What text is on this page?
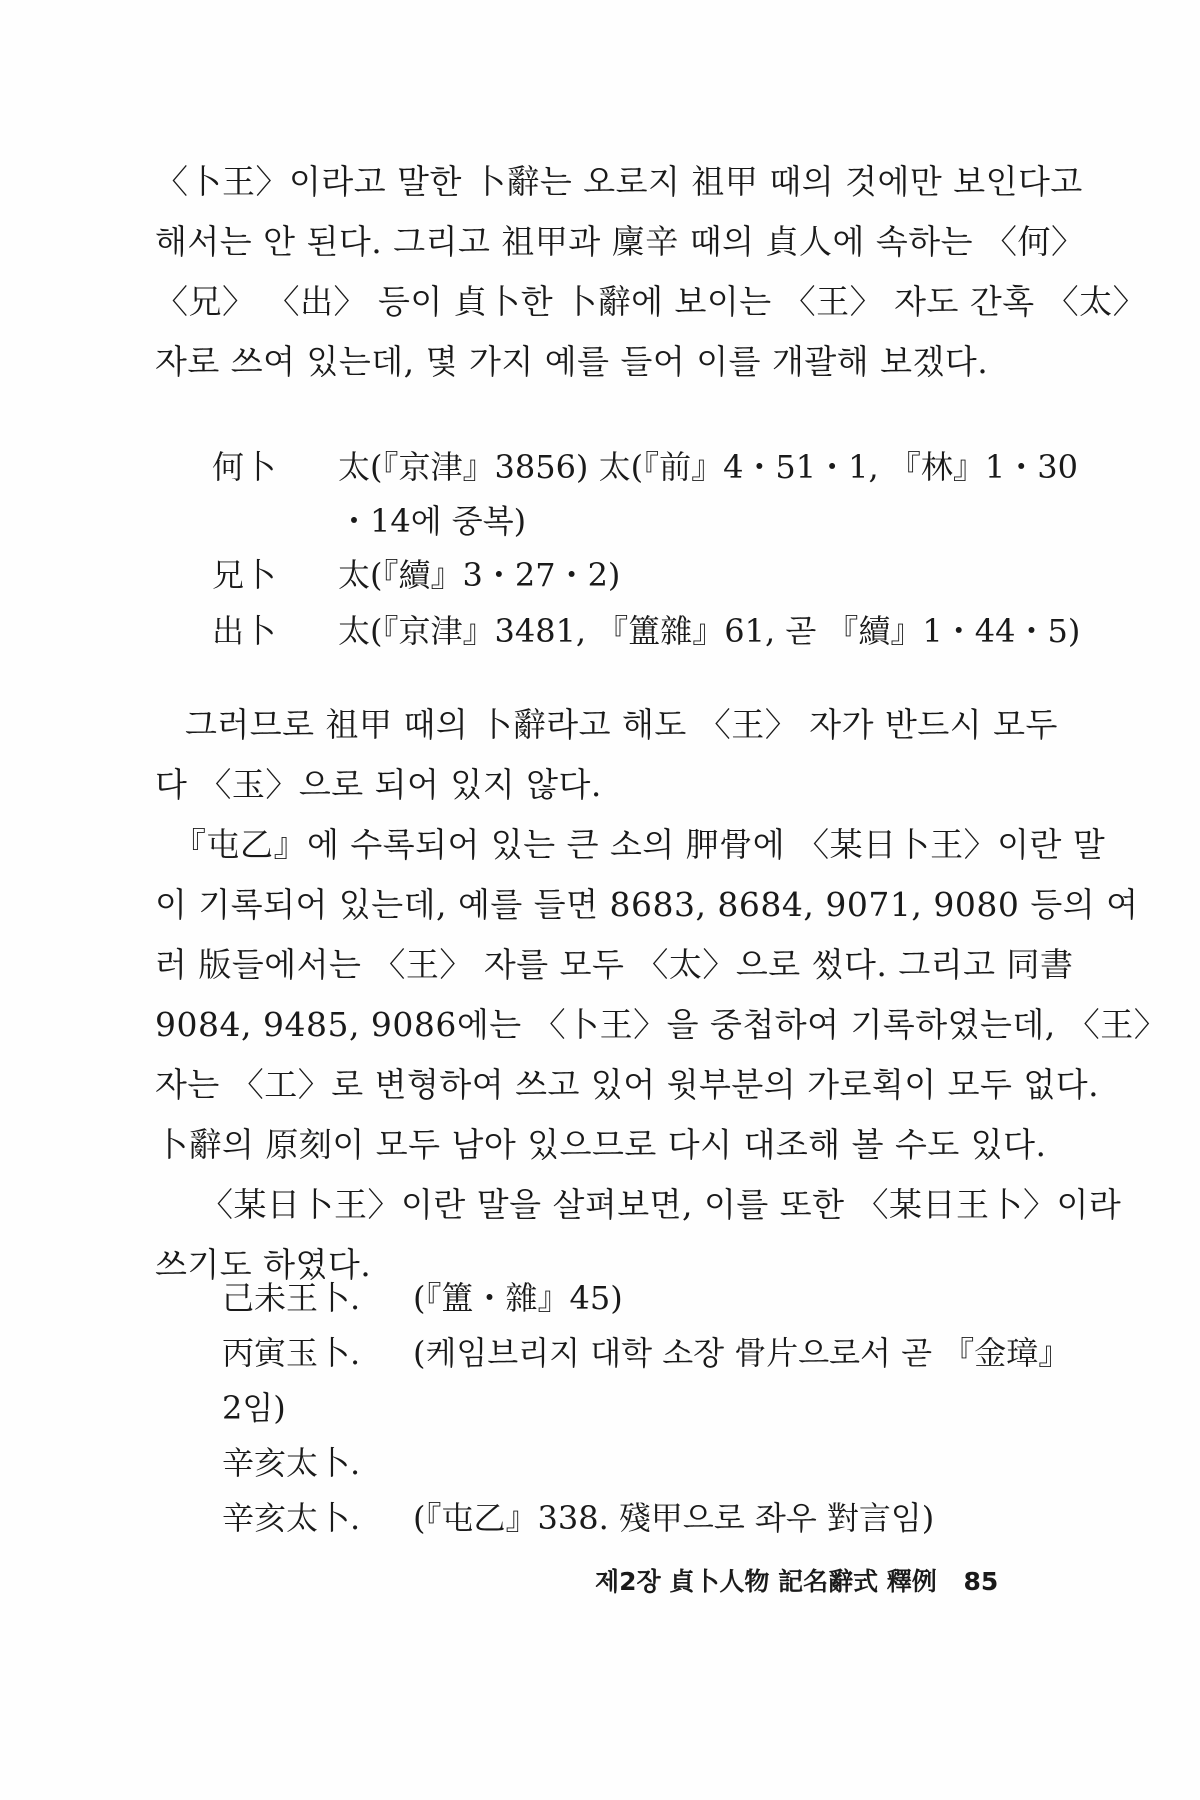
〈卜王〉이라고 말한 卜辭는 오로지 祖甲 때의 것에만 보인다고
해서는 안 된다. 그리고 祖甲과 廩辛 때의 貞人에 속하는 〈何〉
〈兄〉 〈出〉 등이 貞卜한 卜辭에 보이는 〈王〉 자도 간혹 〈太〉
자로 쓰여 있는데, 몇 가지 예를 들어 이를 개괄해 보겠다.
何卜 太(『京津』3856) 太(『前』4・51・1, 『林』1・30
・14에 중복)
兄卜 太(『續』3・27・2)
出卜 太(『京津』3481, 『簠雜』61, 곧 『續』1・44・5)
그러므로 祖甲 때의 卜辭라고 해도 〈王〉 자가 반드시 모두
다 〈玉〉으로 되어 있지 않다.
『屯乙』에 수록되어 있는 큰 소의 胛骨에 〈某日卜王〉이란 말
이 기록되어 있는데, 예를 들면 8683, 8684, 9071, 9080 등의 여
러 版들에서는 〈王〉 자를 모두 〈太〉으로 썼다. 그리고 同書
9084, 9485, 9086에는 〈卜王〉을 중첩하여 기록하였는데, 〈王〉
자는 〈工〉로 변형하여 쓰고 있어 윗부분의 가로획이 모두 없다.
卜辭의 原刻이 모두 남아 있으므로 다시 대조해 볼 수도 있다.
〈某日卜王〉이란 말을 살펴보면, 이를 또한 〈某日王卜〉이라
쓰기도 하였다.
己未王卜. (『簠・雜』45)
丙寅玉卜. (케임브리지 대학 소장 骨片으로서 곧 『金璋』
2임)
辛亥太卜.
辛亥太卜. (『屯乙』338. 殘甲으로 좌우 對言임)
제2장 貞卜人物 記名辭式 釋例 85
